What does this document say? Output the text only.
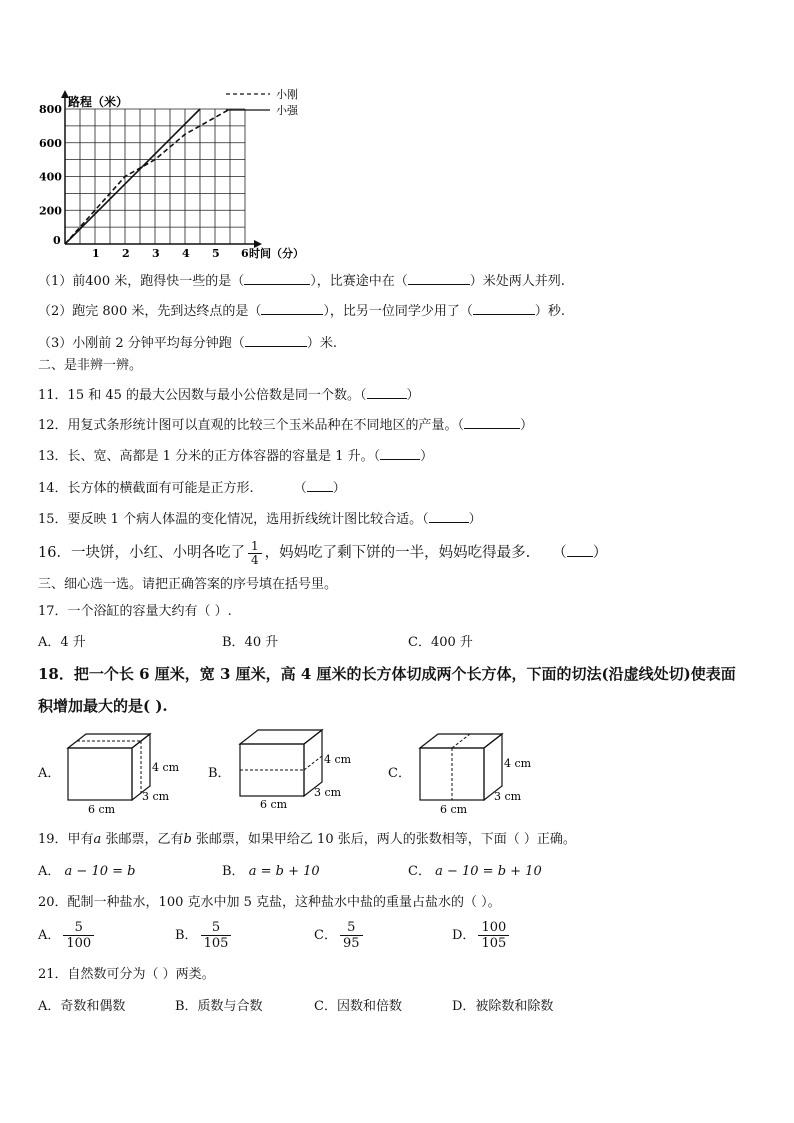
0
1 2 3 4 5 6
200
400
600
800
路程（米）
时间（分）
小刚
小强
（1）前400 米，跑得快一些的是（	），比赛途中在（	）米处两人并列.
（2）跑完 800 米，先到达终点的是（	），比另一位同学少用了（	）秒.
（3）小刚前 2 分钟平均每分钟跑（	）米.
二、是非辨一辨。
11．15 和 45 的最大公因数与最小公倍数是同一个数。（	）
12．用复式条形统计图可以直观的比较三个玉米品种在不同地区的产量。（	）
13．长、宽、高都是 1 分米的正方体容器的容量是 1 升。（	）
14．长方体的横截面有可能是正方形.	（ ）
15．要反映 1 个病人体温的变化情况，选用折线统计图比较合适。（	）
16．一块饼，小红、小明各吃了 $\frac{1}{4}$ ，妈妈吃了剩下饼的一半，妈妈吃得最多. （ ）
三、细心选一选。请把正确答案的序号填在括号里。
17．一个浴缸的容量大约有（ ）.
A．4 升	B．40 升	C．400 升
18．把一个长 6 厘米，宽 3 厘米，高 4 厘米的长方体切成两个长方体，下面的切法(沿虚线处切)使表面
积增加最大的是( ).
A．	4 cm
3 cm
6 cm
B．
4 cm
3 cm
6 cm
C．
4 cm
3 cm
6 cm
19．甲有a 张邮票，乙有b 张邮票，如果甲给乙 10 张后，两人的张数相等，下面（ ）正确。
A． a − 10 = b	B． a = b + 10	C． a − 10 = b + 10
20．配制一种盐水，100 克水中加 5 克盐，这种盐水中盐的重量占盐水的（ ）。
A． $\frac{5}{100}$	B． $\frac{5}{105}$	C． $\frac{5}{95}$	D． $\frac{100}{105}$
21．自然数可分为（ ）两类。
A．奇数和偶数	B．质数与合数	C．因数和倍数	D．被除数和除数
